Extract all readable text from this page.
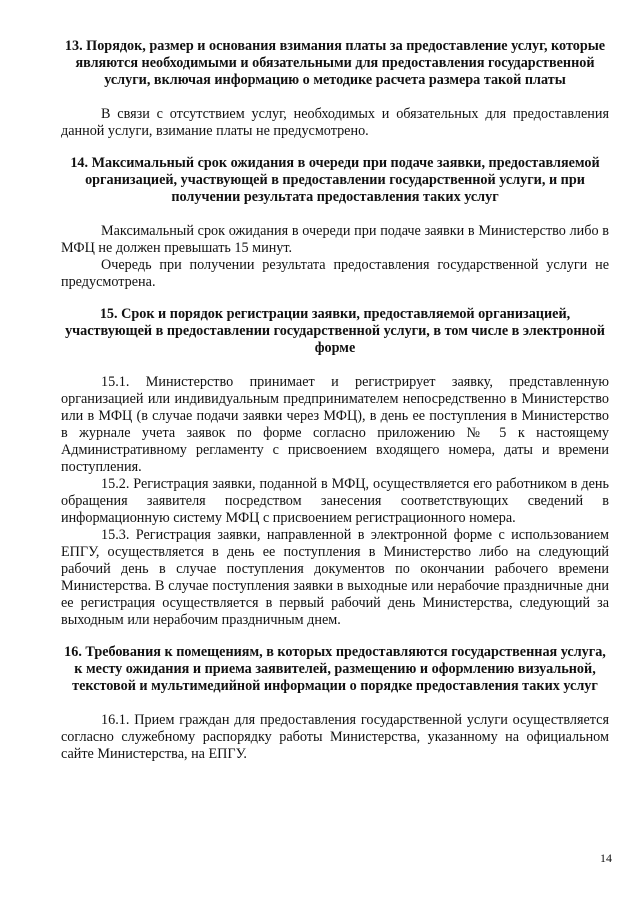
13. Порядок, размер и основания взимания платы за предоставление услуг, которые являются необходимыми и обязательными для предоставления государственной услуги, включая информацию о методике расчета размера такой платы

В связи с отсутствием услуг, необходимых и обязательных для предоставления данной услуги, взимание платы не предусмотрено.

14. Максимальный срок ожидания в очереди при подаче заявки, предоставляемой организацией, участвующей в предоставлении государственной услуги, и при получении результата предоставления таких услуг

Максимальный срок ожидания в очереди при подаче заявки в Министерство либо в МФЦ не должен превышать 15 минут.

Очередь при получении результата предоставления государственной услуги не предусмотрена.

15. Срок и порядок регистрации заявки, предоставляемой организацией, участвующей в предоставлении государственной услуги, в том числе в электронной форме

15.1. Министерство принимает и регистрирует заявку, представленную организацией или индивидуальным предпринимателем непосредственно в Министерство или в МФЦ (в случае подачи заявки через МФЦ), в день ее поступления в Министерство в журнале учета заявок по форме согласно приложению № 5 к настоящему Административному регламенту с присвоением входящего номера, даты и времени поступления.

15.2. Регистрация заявки, поданной в МФЦ, осуществляется его работником в день обращения заявителя посредством занесения соответствующих сведений в информационную систему МФЦ с присвоением регистрационного номера.

15.3. Регистрация заявки, направленной в электронной форме с использованием ЕПГУ, осуществляется в день ее поступления в Министерство либо на следующий рабочий день в случае поступления документов по окончании рабочего времени Министерства. В случае поступления заявки в выходные или нерабочие праздничные дни ее регистрация осуществляется в первый рабочий день Министерства, следующий за выходным или нерабочим праздничным днем.

16. Требования к помещениям, в которых предоставляются государственная услуга, к месту ожидания и приема заявителей, размещению и оформлению визуальной, текстовой и мультимедийной информации о порядке предоставления таких услуг

16.1. Прием граждан для предоставления государственной услуги осуществляется согласно служебному распорядку работы Министерства, указанному на официальном сайте Министерства, на ЕПГУ.

14
